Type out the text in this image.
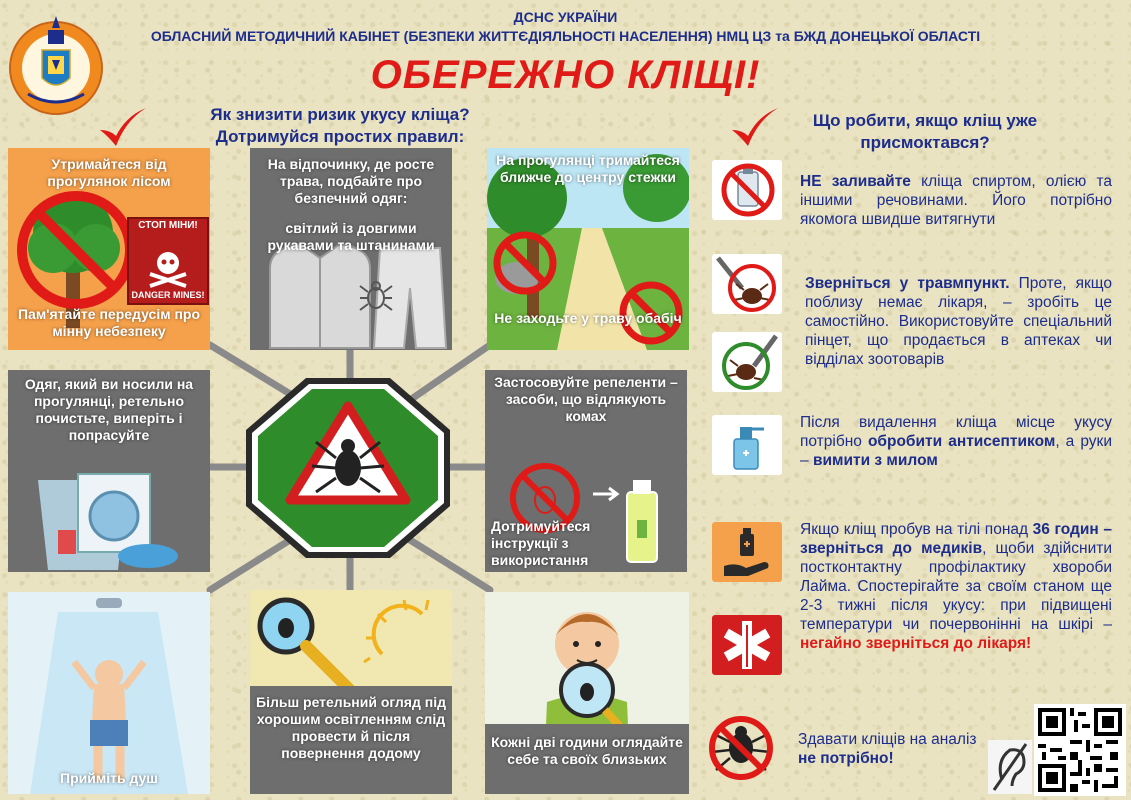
ДСНС УКРАЇНИ
ОБЛАСНИЙ МЕТОДИЧНИЙ КАБІНЕТ (БЕЗПЕКИ ЖИТТЄДІЯЛЬНОСТІ НАСЕЛЕННЯ) НМЦ ЦЗ та БЖД ДОНЕЦЬКОЇ ОБЛАСТІ
ОБЕРЕЖНО КЛІЩІ!
Як знизити ризик укусу кліща?
Дотримуйся простих правил:
Що робити, якщо кліщ уже
присмоктався?
СТОП МІНИ!
DANGER MINES!
Утримайтеся від прогулянок лісом
Пам'ятайте передусім про мінну небезпеку
На відпочинку, де росте трава, подбайте про безпечний одяг:
світлий із довгими рукавами та штанинами
На прогулянці тримайтеся ближче до центру стежки
Не заходьте у траву обабіч
Одяг, який ви носили на прогулянці, ретельно почистьте, виперіть і попрасуйте
Застосовуйте репеленти – засоби, що відлякують комах
Дотримуйтеся інструкції з використання
Прийміть душ
Більш ретельний огляд під хорошим освітленням слід провести й після повернення додому
Кожні дві години оглядайте себе та своїх близьких
НЕ заливайте кліща спиртом, олією та іншими речовинами. Його потрібно якомога швидше витягнути
Зверніться у травмпункт. Проте, якщо поблизу немає лікаря, – зробіть це самостійно. Використовуйте спеціальний пінцет, що продається в аптеках чи відділах зоотоварів
Після видалення кліща місце укусу потрібно обробити антисептиком, а руки – вимити з милом
Якщо кліщ пробув на тілі понад 36 годин – зверніться до медиків, щоби здійснити постконтактну профілактику хвороби Лайма. Спостерігайте за своїм станом ще 2-3 тижні після укусу: при підвищені температури чи почервонінні на шкірі – негайно зверніться до лікаря!
Здавати кліщів на аналіз не потрібно!
